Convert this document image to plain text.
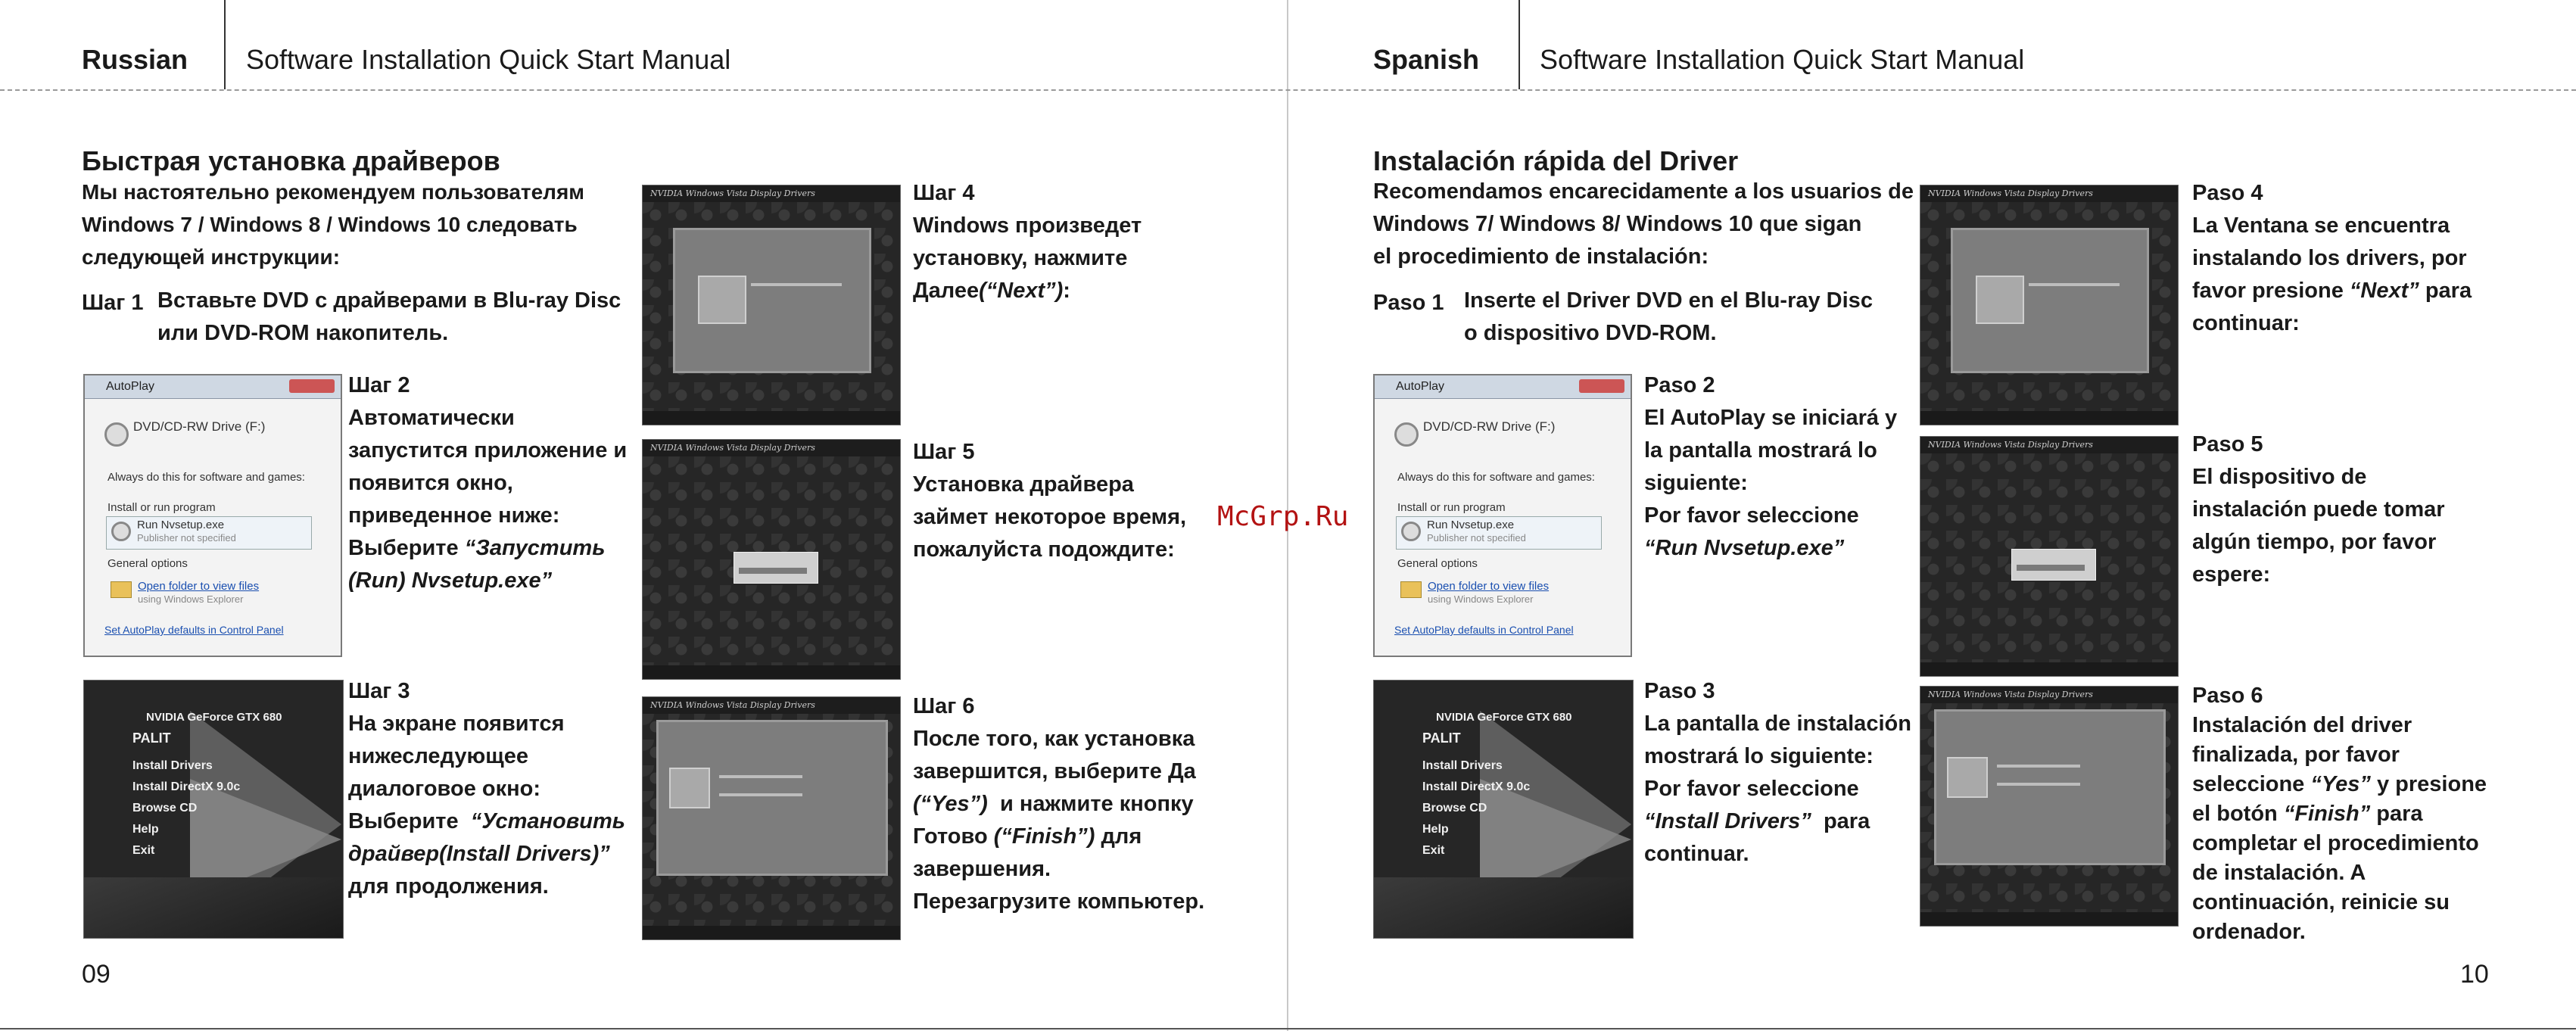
Russian Software Installation Quick Start Manual	Spanish Software Installation Quick Start Manual
McGrp.Ru
Быстрая установка драйверов
Мы настоятельно рекомендуем пользователям
Windows 7 / Windows 8 / Windows 10 следовать
следующей инструкции:
Шаг 1 Вставьте DVD с драйверами в Blu-ray Disc
или DVD-ROM накопитель.
AutoPlay
DVD/CD-RW Drive (F:)
Always do this for software and games:
Install or run program
Run Nvsetup.exe
Publisher not specified
General options
Open folder to view files
using Windows Explorer
Set AutoPlay defaults in Control Panel
Шаг 2
Автоматически
запустится приложение и
появится окно,
приведенное ниже:
Выберите “Запустить
(Run) Nvsetup.exe”
NVIDIA GeForce GTX 680
PALIT
Install Drivers
Install DirectX 9.0c
Browse CD
Help
Exit
Шаг 3
На экране появится
нижеследующее
диалоговое окно:
Выберите “Установить
драйвер(Install Drivers)”
для продолжения.
NVIDIA Windows Vista Display Drivers	Шаг 4
Windows произведет
установку, нажмите
Далее(“Next”):
NVIDIA Windows Vista Display Drivers	Шаг 5
Установка драйвера
займет некоторое время,
пожалуйста подождите:
NVIDIA Windows Vista Display Drivers	Шаг 6
После того, как установка
завершится, выберите Да
(“Yes”) и нажмите кнопку
Готово (“Finish”) для
завершения.
Перезагрузите компьютер.
09
Instalación rápida del Driver
Recomendamos encarecidamente a los usuarios de
Windows 7/ Windows 8/ Windows 10 que sigan
el procedimiento de instalación:
Paso 1 Inserte el Driver DVD en el Blu-ray Disc
o dispositivo DVD-ROM.
AutoPlay
DVD/CD-RW Drive (F:)
Always do this for software and games:
Install or run program
Run Nvsetup.exe
Publisher not specified
General options
Open folder to view files
using Windows Explorer
Set AutoPlay defaults in Control Panel
Paso 2
El AutoPlay se iniciará y
la pantalla mostrará lo
siguiente:
Por favor seleccione
“Run Nvsetup.exe”
NVIDIA GeForce GTX 680
PALIT
Install Drivers
Install DirectX 9.0c
Browse CD
Help
Exit
Paso 3
La pantalla de instalación
mostrará lo siguiente:
Por favor seleccione
“Install Drivers” para
continuar.
NVIDIA Windows Vista Display Drivers	Paso 4
La Ventana se encuentra
instalando los drivers, por
favor presione “Next” para
continuar:
NVIDIA Windows Vista Display Drivers	Paso 5
El dispositivo de
instalación puede tomar
algún tiempo, por favor
espere:
NVIDIA Windows Vista Display Drivers	Paso 6
Instalación del driver
finalizada, por favor
seleccione “Yes” y presione
el botón “Finish” para
completar el procedimiento
de instalación. A
continuación, reinicie su
ordenador.
10
